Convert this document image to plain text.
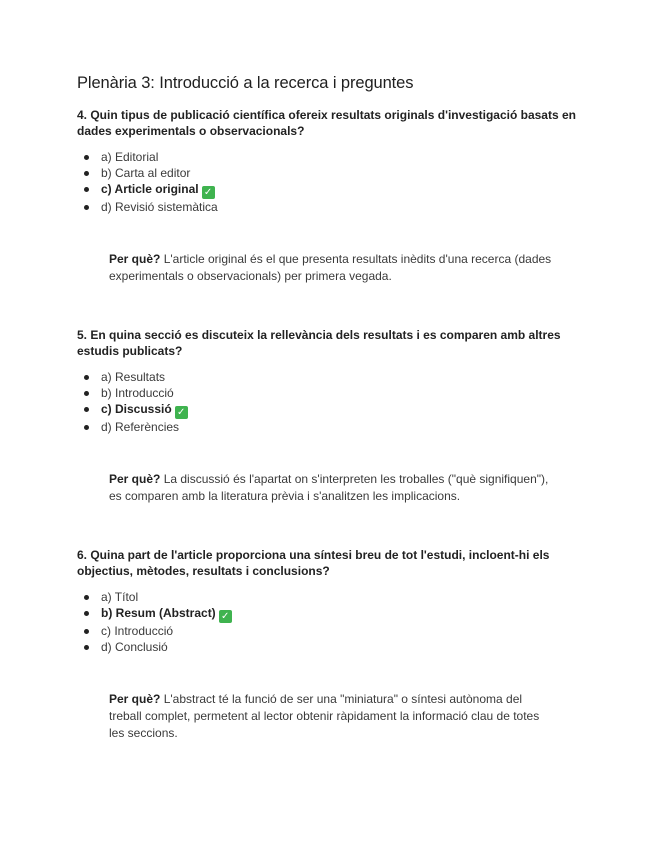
Plenària 3: Introducció a la recerca i preguntes

4. Quin tipus de publicació científica ofereix resultats originals d'investigació basats en dades experimentals o observacionals?

a) Editorial
b) Carta al editor
c) Article original ✓
d) Revisió sistemàtica

Per què? L'article original és el que presenta resultats inèdits d'una recerca (dades experimentals o observacionals) per primera vegada.

5. En quina secció es discuteix la rellevància dels resultats i es comparen amb altres estudis publicats?

a) Resultats
b) Introducció
c) Discussió ✓
d) Referències

Per què? La discussió és l'apartat on s'interpreten les troballes ("què signifiquen"), es comparen amb la literatura prèvia i s'analitzen les implicacions.

6. Quina part de l'article proporciona una síntesi breu de tot l'estudi, incloent-hi els objectius, mètodes, resultats i conclusions?

a) Títol
b) Resum (Abstract) ✓
c) Introducció
d) Conclusió

Per què? L'abstract té la funció de ser una "miniatura" o síntesi autònoma del treball complet, permetent al lector obtenir ràpidament la informació clau de totes les seccions.
